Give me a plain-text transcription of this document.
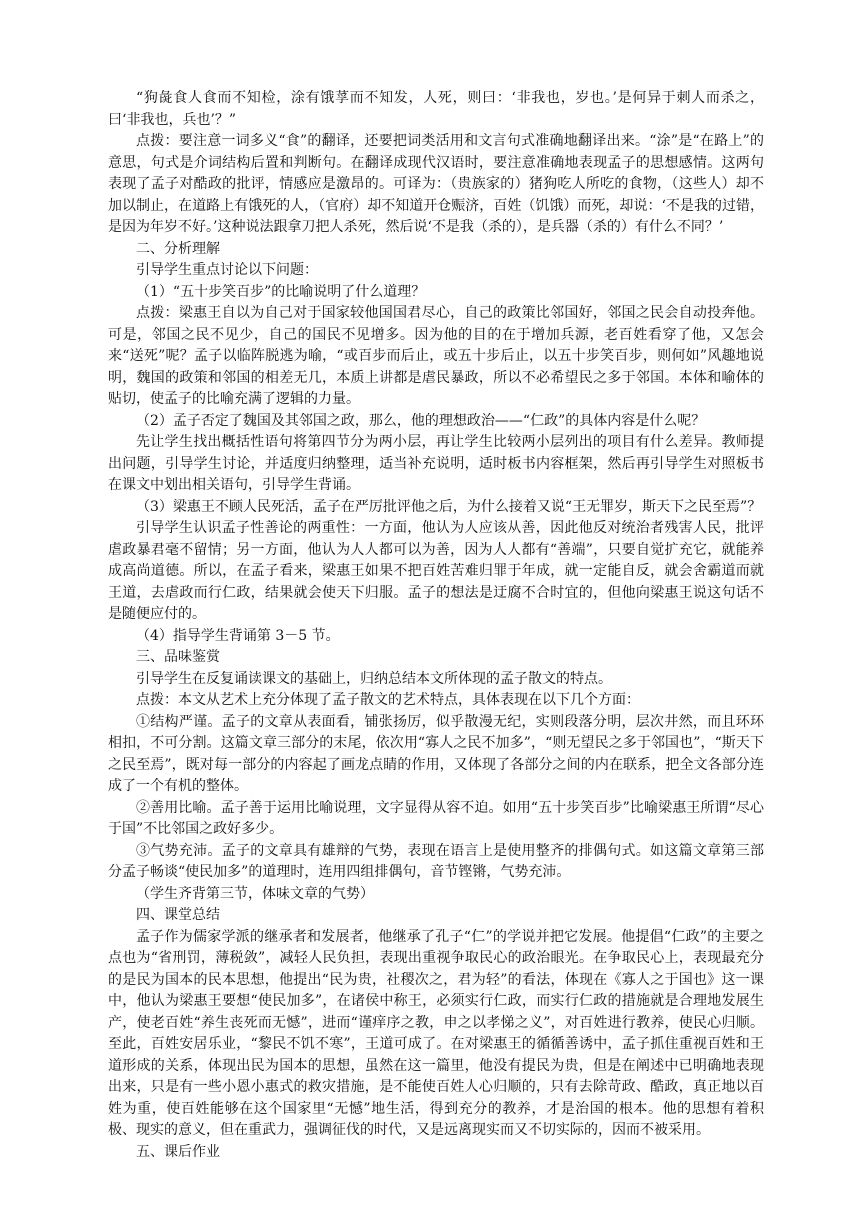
“狗彘食人食而不知检，涂有饿莩而不知发，人死，则曰：‘非我也，岁也。’是何异于刺人而杀之，曰‘非我也，兵也’？”

点拨：要注意一词多义“食”的翻译，还要把词类活用和文言句式准确地翻译出来。“涂”是“在路上”的意思，句式是介词结构后置和判断句。在翻译成现代汉语时，要注意准确地表现孟子的思想感情。这两句表现了孟子对酷政的批评，情感应是激昂的。可译为：（贵族家的）猪狗吃人所吃的食物，（这些人）却不加以制止，在道路上有饿死的人，（官府）却不知道开仓赈济，百姓（饥饿）而死，却说：‘不是我的过错，是因为年岁不好。’这种说法跟拿刀把人杀死，然后说‘不是我（杀的），是兵器（杀的）有什么不同？’

二、分析理解

引导学生重点讨论以下问题：

（1）“五十步笑百步”的比喻说明了什么道理？

点拨：梁惠王自以为自己对于国家较他国国君尽心，自己的政策比邻国好，邻国之民会自动投奔他。可是，邻国之民不见少，自己的国民不见增多。因为他的目的在于增加兵源，老百姓看穿了他，又怎会来“送死”呢？孟子以临阵脱逃为喻，“或百步而后止，或五十步后止，以五十步笑百步，则何如”风趣地说明，魏国的政策和邻国的相差无几，本质上讲都是虐民暴政，所以不必希望民之多于邻国。本体和喻体的贴切，使孟子的比喻充满了逻辑的力量。

（2）孟子否定了魏国及其邻国之政，那么，他的理想政治——“仁政”的具体内容是什么呢？

先让学生找出概括性语句将第四节分为两小层，再让学生比较两小层列出的项目有什么差异。教师提出问题，引导学生讨论，并适度归纳整理，适当补充说明，适时板书内容框架，然后再引导学生对照板书在课文中划出相关语句，引导学生背诵。

（3）梁惠王不顾人民死活，孟子在严厉批评他之后，为什么接着又说“王无罪岁，斯天下之民至焉”？

引导学生认识孟子性善论的两重性：一方面，他认为人应该从善，因此他反对统治者残害人民，批评虐政暴君毫不留情；另一方面，他认为人人都可以为善，因为人人都有“善端”，只要自觉扩充它，就能养成高尚道德。所以，在孟子看来，梁惠王如果不把百姓苦难归罪于年成，就一定能自反，就会舍霸道而就王道，去虐政而行仁政，结果就会使天下归服。孟子的想法是迂腐不合时宜的，但他向梁惠王说这句话不是随便应付的。

（4）指导学生背诵第 3－5 节。

三、品味鉴赏

引导学生在反复诵读课文的基础上，归纳总结本文所体现的孟子散文的特点。

点拨：本文从艺术上充分体现了孟子散文的艺术特点，具体表现在以下几个方面：

①结构严谨。孟子的文章从表面看，铺张扬厉，似乎散漫无纪，实则段落分明，层次井然，而且环环相扣，不可分割。这篇文章三部分的末尾，依次用“寡人之民不加多”，“则无望民之多于邻国也”，“斯天下之民至焉”，既对每一部分的内容起了画龙点睛的作用，又体现了各部分之间的内在联系，把全文各部分连成了一个有机的整体。

②善用比喻。孟子善于运用比喻说理，文字显得从容不迫。如用“五十步笑百步”比喻梁惠王所谓“尽心于国”不比邻国之政好多少。

③气势充沛。孟子的文章具有雄辩的气势，表现在语言上是使用整齐的排偶句式。如这篇文章第三部分孟子畅谈“使民加多”的道理时，连用四组排偶句，音节铿锵，气势充沛。

（学生齐背第三节，体味文章的气势）

四、课堂总结

孟子作为儒家学派的继承者和发展者，他继承了孔子“仁”的学说并把它发展。他提倡“仁政”的主要之点也为“省刑罚，薄税敛”，减轻人民负担，表现出重视争取民心的政治眼光。在争取民心上，表现最充分的是民为国本的民本思想，他提出“民为贵，社稷次之，君为轻”的看法，体现在《寡人之于国也》这一课中，他认为梁惠王要想“使民加多”，在诸侯中称王，必须实行仁政，而实行仁政的措施就是合理地发展生产，使老百姓“养生丧死而无憾”，进而“谨痒序之教，申之以孝悌之义”，对百姓进行教养，使民心归顺。至此，百姓安居乐业，“黎民不饥不寒”，王道可成了。在对梁惠王的循循善诱中，孟子抓住重视百姓和王道形成的关系，体现出民为国本的思想，虽然在这一篇里，他没有提民为贵，但是在阐述中已明确地表现出来，只是有一些小恩小惠式的救灾措施，是不能使百姓人心归顺的，只有去除苛政、酷政，真正地以百姓为重，使百姓能够在这个国家里“无憾”地生活，得到充分的教养，才是治国的根本。他的思想有着积极、现实的意义，但在重武力，强调征伐的时代，又是远离现实而又不切实际的，因而不被采用。

五、课后作业
